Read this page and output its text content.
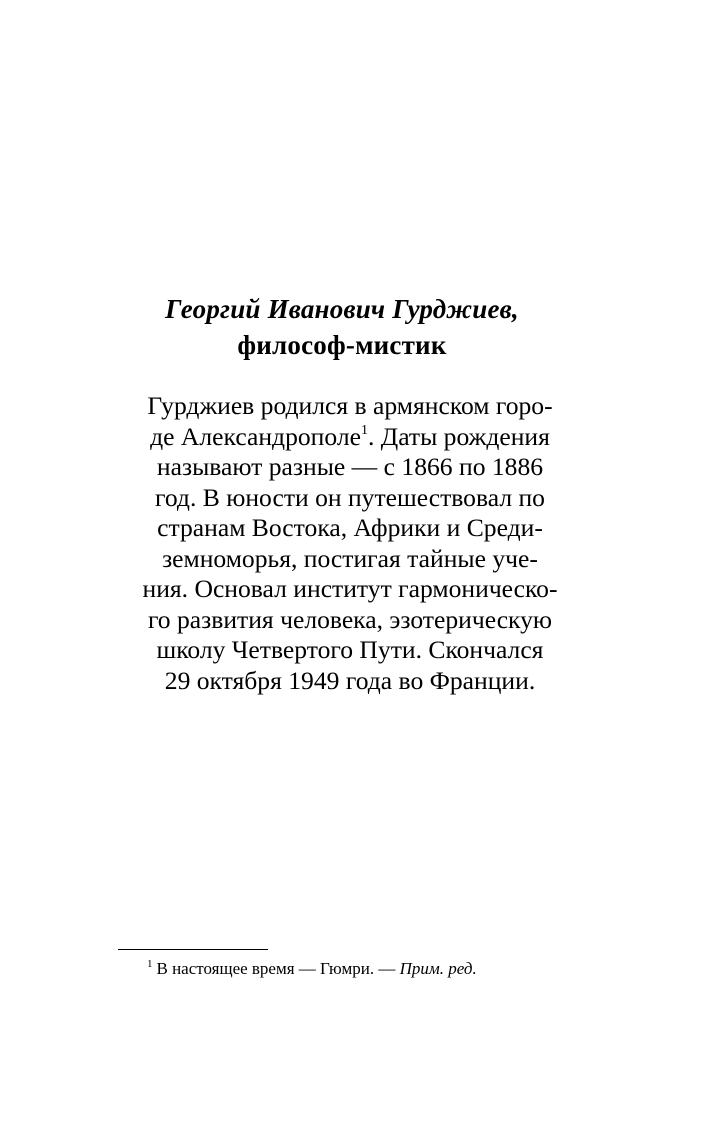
Георгий Иванович Гурджиев,
философ-мистик

Гурджиев родился в армянском горо-
де Александрополе$^1$. Даты рождения
называют разные — с 1866 по 1886
год. В юности он путешествовал по
странам Востока, Африки и Среди-
земноморья, постигая тайные уче-
ния. Основал институт гармоническо-
го развития человека, эзотерическую
школу Четвертого Пути. Скончался
29 октября 1949 года во Франции.

$^1$ В настоящее время — Гюмри. — Прим. ред.
